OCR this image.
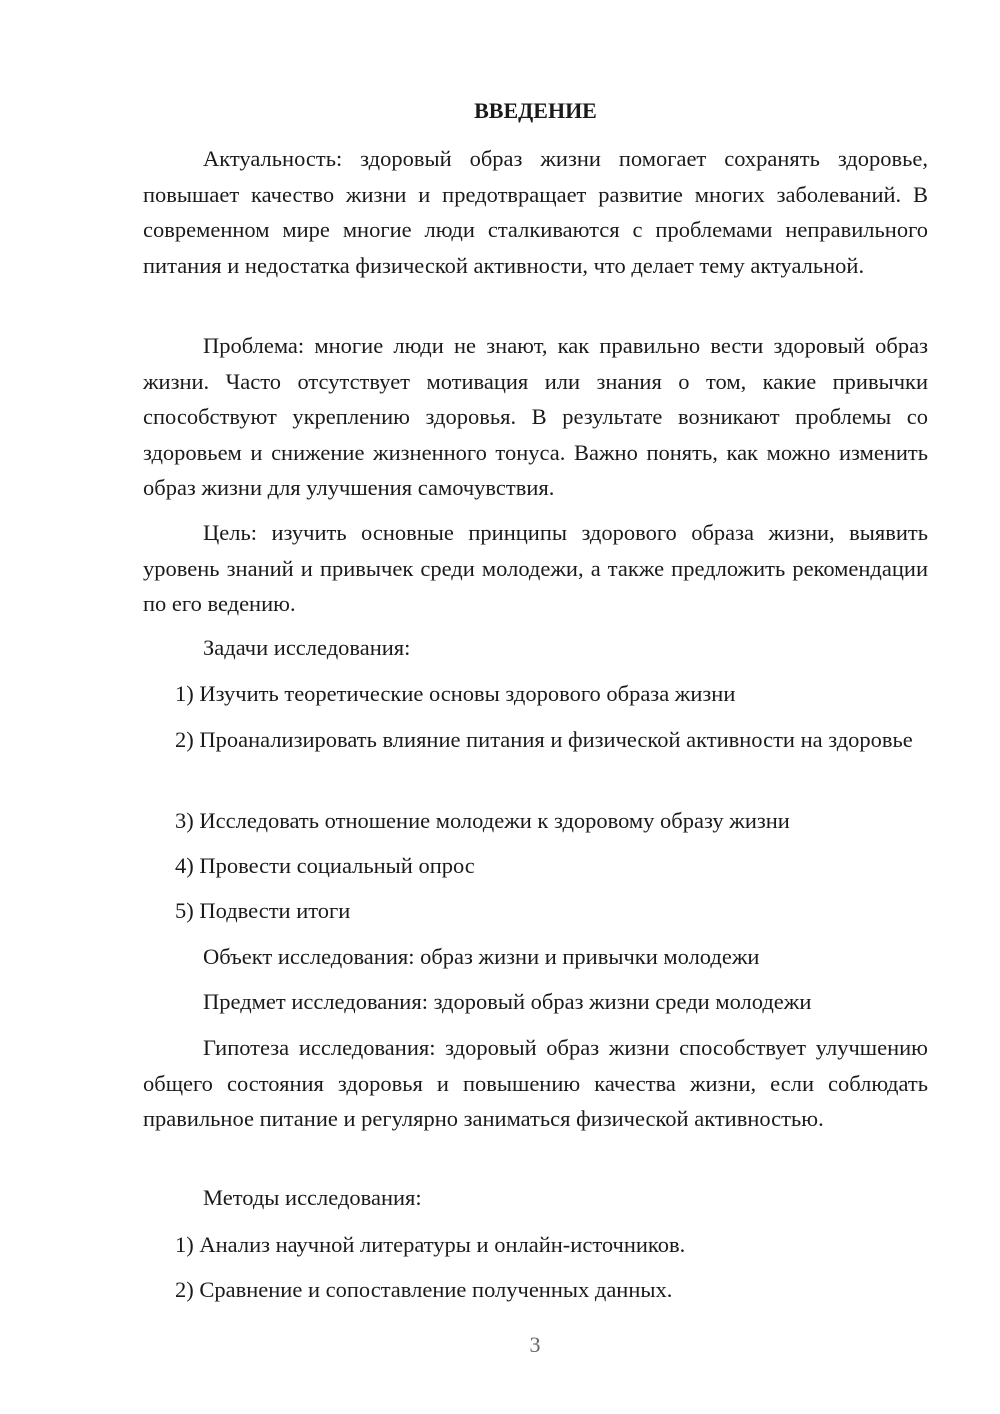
ВВЕДЕНИЕ

Актуальность: здоровый образ жизни помогает сохранять здоровье, повышает качество жизни и предотвращает развитие многих заболеваний. В современном мире многие люди сталкиваются с проблемами неправильного питания и недостатка физической активности, что делает тему актуальной.

Проблема: многие люди не знают, как правильно вести здоровый образ жизни. Часто отсутствует мотивация или знания о том, какие привычки способствуют укреплению здоровья. В результате возникают проблемы со здоровьем и снижение жизненного тонуса. Важно понять, как можно изменить образ жизни для улучшения самочувствия.

Цель: изучить основные принципы здорового образа жизни, выявить уровень знаний и привычек среди молодежи, а также предложить рекомендации по его ведению.

Задачи исследования:

1) Изучить теоретические основы здорового образа жизни

2) Проанализировать влияние питания и физической активности на здоровье

3) Исследовать отношение молодежи к здоровому образу жизни

4) Провести социальный опрос

5) Подвести итоги

Объект исследования: образ жизни и привычки молодежи

Предмет исследования: здоровый образ жизни среди молодежи

Гипотеза исследования: здоровый образ жизни способствует улучшению общего состояния здоровья и повышению качества жизни, если соблюдать правильное питание и регулярно заниматься физической активностью.

Методы исследования:

1) Анализ научной литературы и онлайн-источников.

2) Сравнение и сопоставление полученных данных.

3
